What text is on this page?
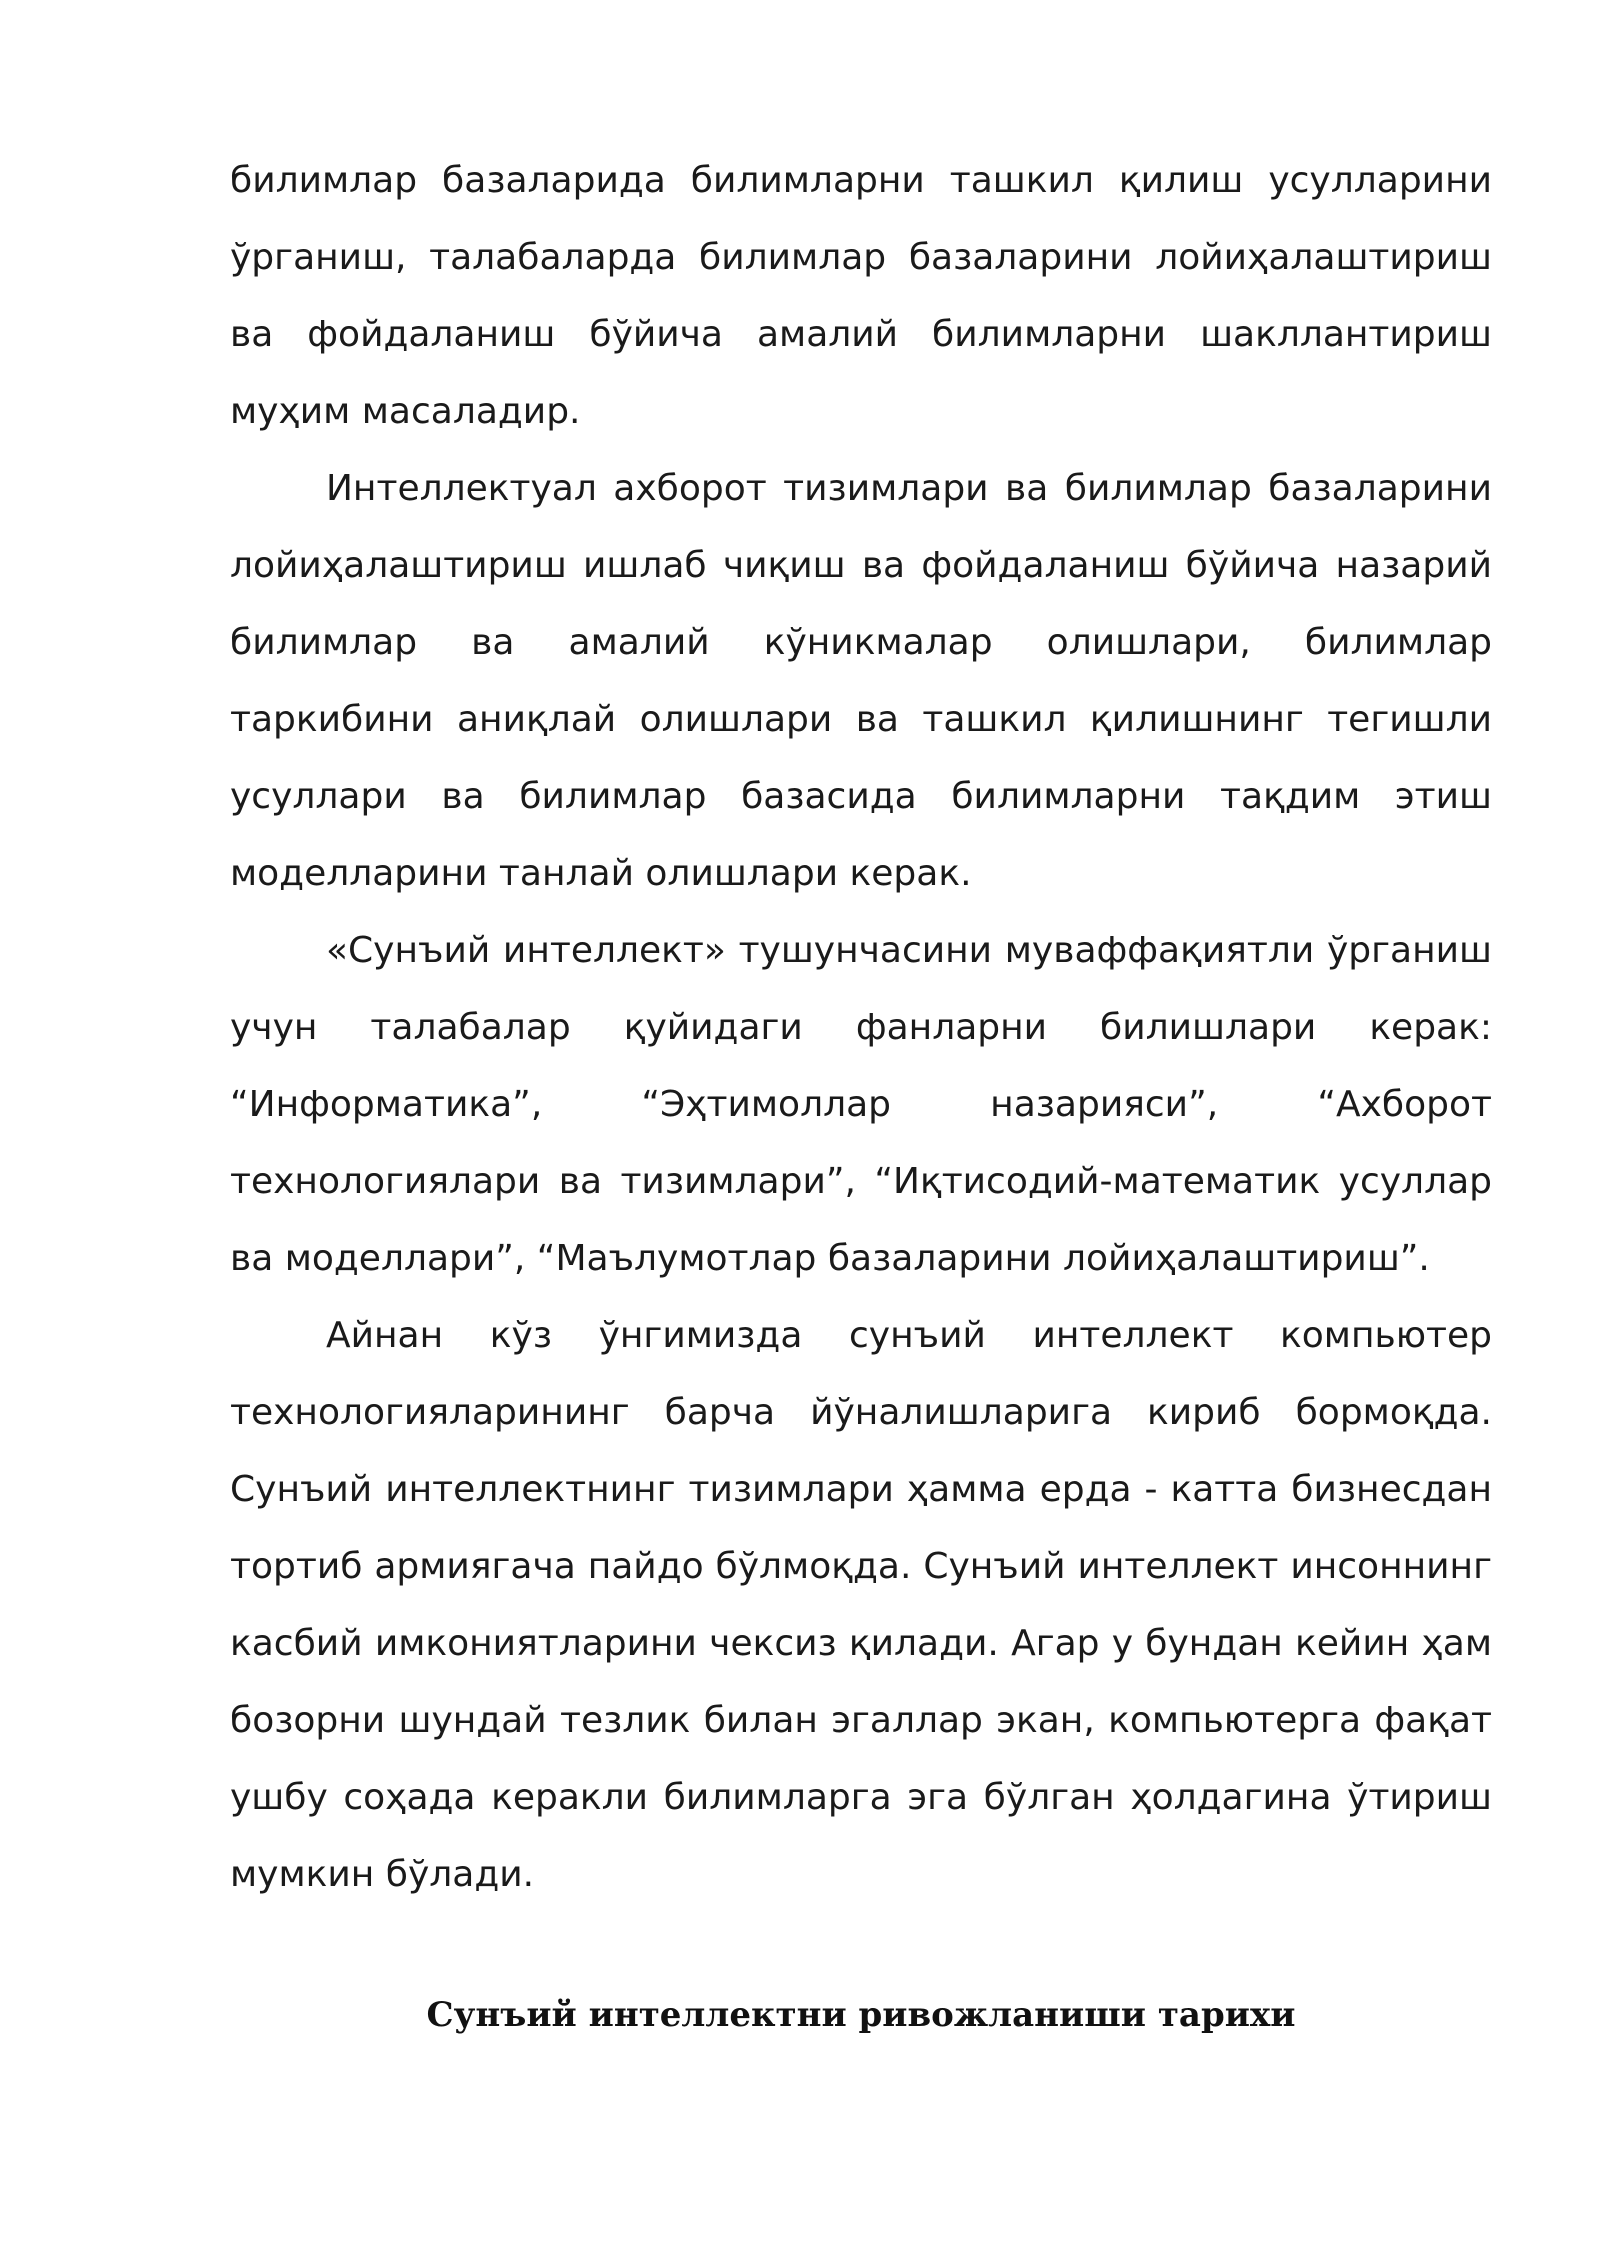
билимлар базаларида билимларни ташкил қилиш усулларини ўрганиш, талабаларда билимлар базаларини лойиҳалаштириш ва фойдаланиш бўйича амалий билимларни шакллантириш муҳим масаладир.

Интеллектуал ахборот тизимлари ва билимлар базаларини лойиҳалаштириш ишлаб чиқиш ва фойдаланиш бўйича назарий билимлар ва амалий кўникмалар олишлари, билимлар таркибини аниқлай олишлари ва ташкил қилишнинг тегишли усуллари ва билимлар базасида билимларни тақдим этиш моделларини танлай олишлари керак.

«Сунъий интеллект» тушунчасини муваффақиятли ўрганиш учун талабалар қуйидаги фанларни билишлари керак: “Информатика”, “Эҳтимоллар назарияси”, “Ахборот технологиялари ва тизимлари”, “Иқтисодий-математик усуллар ва моделлари”, “Маълумотлар базаларини лойиҳалаштириш”.

Айнан кўз ўнгимизда сунъий интеллект компьютер технологияларининг барча йўналишларига кириб бормоқда. Сунъий интеллектнинг тизимлари ҳамма ерда - катта бизнесдан тортиб армиягача пайдо бўлмоқда. Сунъий интеллект инсоннинг касбий имкониятларини чексиз қилади. Агар у бундан кейин ҳам бозорни шундай тезлик билан эгаллар экан, компьютерга фақат ушбу соҳада керакли билимларга эга бўлган ҳолдагина ўтириш мумкин бўлади.

Сунъий интеллектни ривожланиши тарихи
